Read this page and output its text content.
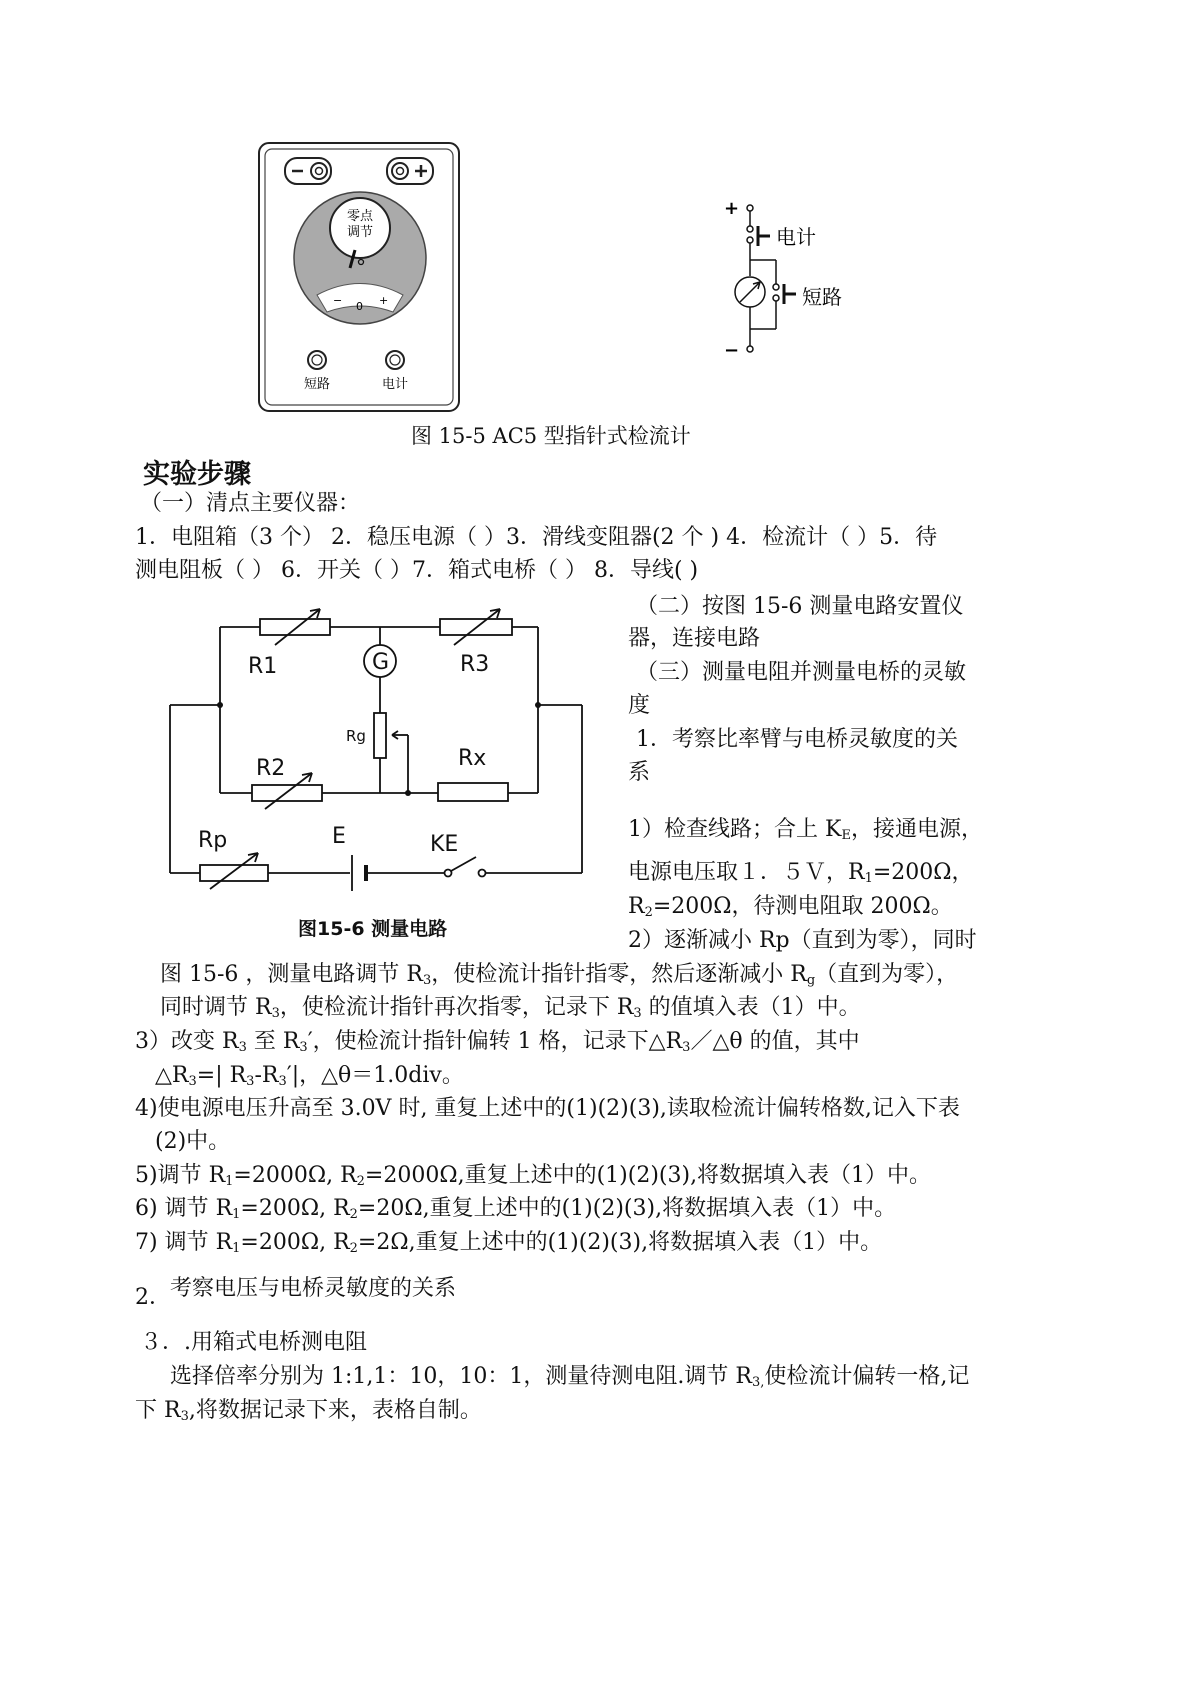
零点
调节
− 0 +
短路	电计
+
−
电计
短路
图 15-5 AC5 型指针式检流计
实验步骤
（一）清点主要仪器：
1．电阻箱（3 个） 2．稳压电源（ ）3．滑线变阻器(2 个 ) 4．检流计（ ）5．待
测电阻板（ ） 6．开关（ ）7．箱式电桥（ ） 8．导线( )
R1	R3
G
Rg
R2	Rx
Rp	E	KE
图15-6 测量电路
（二）按图 15-6 测量电路安置仪
器，连接电路
（三）测量电阻并测量电桥的灵敏
度
1．考察比率臂与电桥灵敏度的关
系
1）检查线路；合上 $K_E$，接通电源，
电源电压取１．５Ｖ，$R_1=200\Omega$，
$R_2=200\Omega$，待测电阻取 200Ω。
2）逐渐减小 Rp（直到为零），同时
图 15-6 ，测量电路调节 $R_3$，使检流计指针指零，然后逐渐减小 $R_g$（直到为零），
同时调节 $R_3$，使检流计指针再次指零，记录下 $R_3$ 的值填入表（1）中。
3）改变 $R_3$ 至 $R_3'$，使检流计指针偏转 1 格，记录下$\triangle R_3/\triangle\theta$ 的值，其中
$\triangle R_3=|$ $R_3-R_3'|$，△θ＝1.0div。
4)使电源电压升高至 3.0V 时, 重复上述中的(1)(2)(3),读取检流计偏转格数,记入下表
(2)中。
5)调节 $R_1=2000\Omega$, $R_2=2000\Omega$,重复上述中的(1)(2)(3),将数据填入表（1）中。
6) 调节 $R_1=200\Omega$, $R_2=20\Omega$,重复上述中的(1)(2)(3),将数据填入表（1）中。
7) 调节 $R_1=200\Omega$, $R_2=2\Omega$,重复上述中的(1)(2)(3),将数据填入表（1）中。
2． 考察电压与电桥灵敏度的关系
３．.用箱式电桥测电阻
选择倍率分别为 1:1,1：10，10：1，测量待测电阻.调节 $R_{3,}$使检流计偏转一格,记
下 $R_3$,将数据记录下来，表格自制。
